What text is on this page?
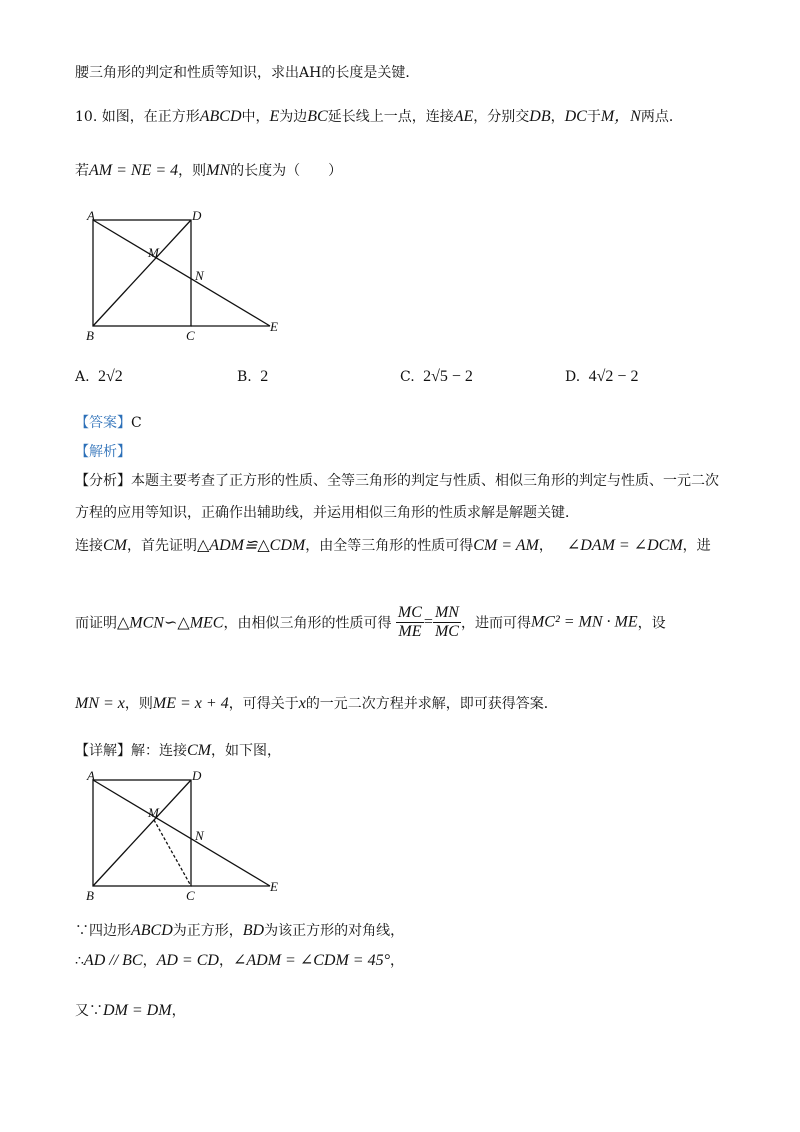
腰三角形的判定和性质等知识，求出AH的长度是关键．
10. 如图，在正方形ABCD中，E为边BC延长线上一点，连接AE，分别交DB，DC于M，N两点．
若AM = NE = 4，则MN的长度为（　　）
A	D
M
N
B	C
E
A. 2√2	B. 2	C. 2√5 − 2	D. 4√2 − 2
【答案】C
【解析】
【分析】本题主要考查了正方形的性质、全等三角形的判定与性质、相似三角形的判定与性质、一元二次
方程的应用等知识，正确作出辅助线，并运用相似三角形的性质求解是解题关键．
连接CM，首先证明△ADM≌△CDM，由全等三角形的性质可得CM = AM， ∠DAM = ∠DCM，进
而证明△MCN∽△MEC，由相似三角形的性质可得 $\frac{MC}{ME} = \frac{MN}{MC}$ ，进而可得MC² = MN · ME，设
MN = x，则ME = x + 4，可得关于x的一元二次方程并求解，即可获得答案．
【详解】解：连接CM，如下图，
A	D
M
N
B	C
E
∵四边形ABCD为正方形，BD为该正方形的对角线，
∴AD // BC，AD = CD，∠ADM = ∠CDM = 45°，
又∵DM = DM，
